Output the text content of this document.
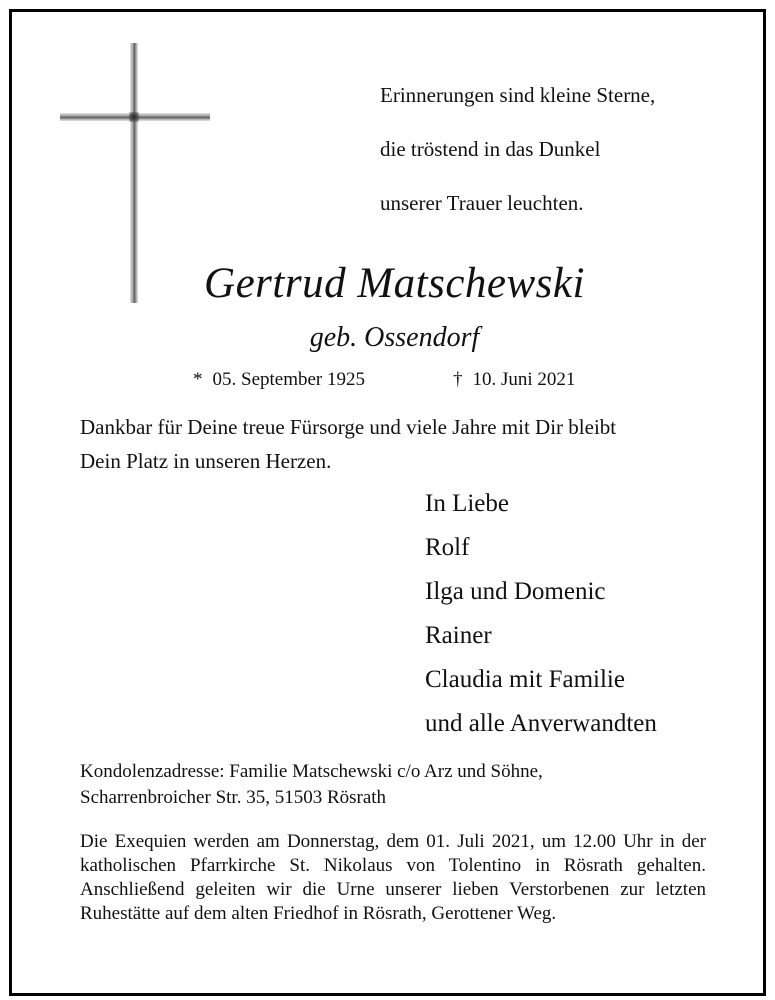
Erinnerungen sind kleine Sterne,
die tröstend in das Dunkel
unserer Trauer leuchten.
Gertrud Matschewski
geb. Ossendorf
* 05. September 1925	† 10. Juni 2021
Dankbar für Deine treue Fürsorge und viele Jahre mit Dir bleibt
Dein Platz in unseren Herzen.
In Liebe
Rolf
Ilga und Domenic
Rainer
Claudia mit Familie
und alle Anverwandten
Kondolenzadresse: Familie Matschewski c/o Arz und Söhne,
Scharrenbroicher Str. 35, 51503 Rösrath
Die Exequien werden am Donnerstag, dem 01. Juli 2021, um 12.00 Uhr in der katholischen Pfarrkirche St. Nikolaus von Tolentino in Rösrath gehalten. Anschließend geleiten wir die Urne unserer lieben Verstorbenen zur letzten Ruhestätte auf dem alten Friedhof in Rösrath, Gerottener Weg.
